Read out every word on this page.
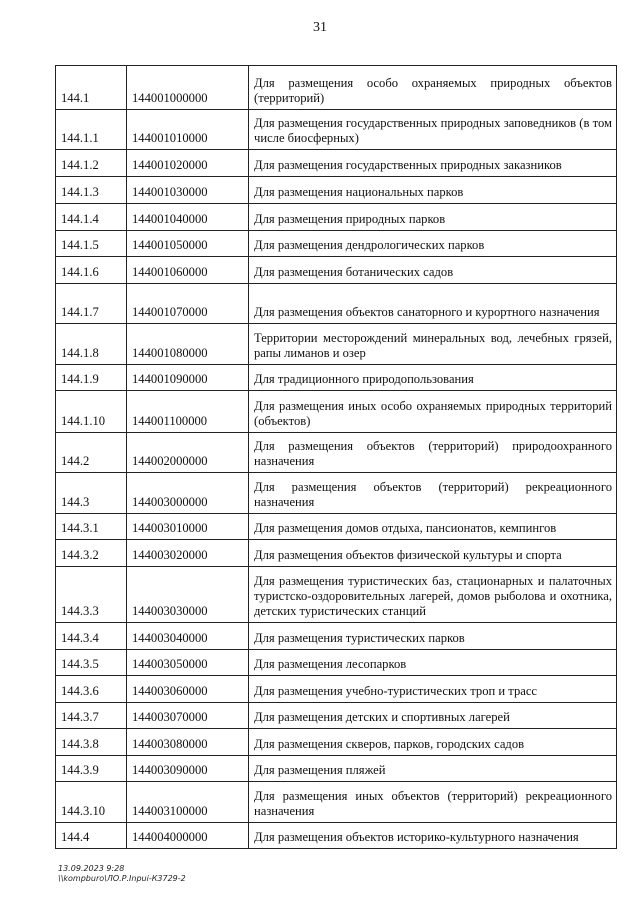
31
144.1	144001000000	Для размещения особо охраняемых природных объектов (территорий)
144.1.1	144001010000	Для размещения государственных природных заповедников (в том числе биосферных)
144.1.2	144001020000	Для размещения государственных природных заказников
144.1.3	144001030000	Для размещения национальных парков
144.1.4	144001040000	Для размещения природных парков
144.1.5	144001050000	Для размещения дендрологических парков
144.1.6	144001060000	Для размещения ботанических садов
144.1.7	144001070000	Для размещения объектов санаторного и курортного назначения
144.1.8	144001080000	Территории месторождений минеральных вод, лечебных грязей, рапы лиманов и озер
144.1.9	144001090000	Для традиционного природопользования
144.1.10	144001100000	Для размещения иных особо охраняемых природных территорий (объектов)
144.2	144002000000	Для размещения объектов (территорий) природоохранного назначения
144.3	144003000000	Для размещения объектов (территорий) рекреационного назначения
144.3.1	144003010000	Для размещения домов отдыха, пансионатов, кемпингов
144.3.2	144003020000	Для размещения объектов физической культуры и спорта
144.3.3	144003030000	Для размещения туристических баз, стационарных и палаточных туристско-оздоровительных лагерей, домов рыболова и охотника, детских туристических станций
144.3.4	144003040000	Для размещения туристических парков
144.3.5	144003050000	Для размещения лесопарков
144.3.6	144003060000	Для размещения учебно-туристических троп и трасс
144.3.7	144003070000	Для размещения детских и спортивных лагерей
144.3.8	144003080000	Для размещения скверов, парков, городских садов
144.3.9	144003090000	Для размещения пляжей
144.3.10	144003100000	Для размещения иных объектов (территорий) рекреационного назначения
144.4	144004000000	Для размещения объектов историко-культурного назначения
13.09.2023 9:28
\\kompburo\ЛО.Р.Inpui-К3729-2
